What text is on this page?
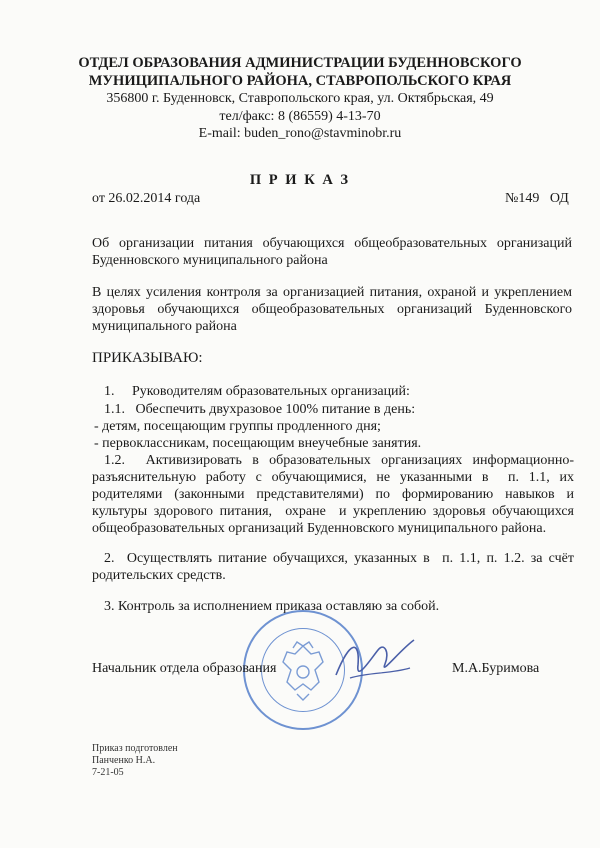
ОТДЕЛ ОБРАЗОВАНИЯ АДМИНИСТРАЦИИ БУДЕННОВСКОГО
МУНИЦИПАЛЬНОГО РАЙОНА, СТАВРОПОЛЬСКОГО КРАЯ
356800 г. Буденновск, Ставропольского края, ул. Октябрьская, 49
тел/факс: 8 (86559) 4-13-70
E-mail: buden_rono@stavminobr.ru
П Р И К А З
от 26.02.2014 года	№149   ОД
Об организации питания обучающихся общеобразовательных организаций
Буденновского муниципального района
В целях усиления контроля за организацией питания, охраной и укреплением
здоровья обучающихся общеобразовательных организаций Буденновского
муниципального района
ПРИКАЗЫВАЮ:
1.     Руководителям образовательных организаций:
1.1.   Обеспечить двухразовое 100% питание в день:
- детям, посещающим группы продленного дня;
- первоклассникам, посещающим внеучебные занятия.
1.2.  Активизировать в образовательных организациях информационно-
разъяснительную работу с обучающимися, не указанными в  п. 1.1, их
родителями (законными представителями) по формированию навыков и
культуры здорового питания,  охране  и укреплению здоровья обучающихся
общеобразовательных организаций Буденновского муниципального района.
2.  Осуществлять питание обучащихся, указанных в  п. 1.1, п. 1.2. за счёт
родительских средств.
3. Контроль за исполнением приказа оставляю за собой.
Начальник отдела образования	М.А.Буримова
Приказ подготовлен
Панченко Н.А.
7-21-05
